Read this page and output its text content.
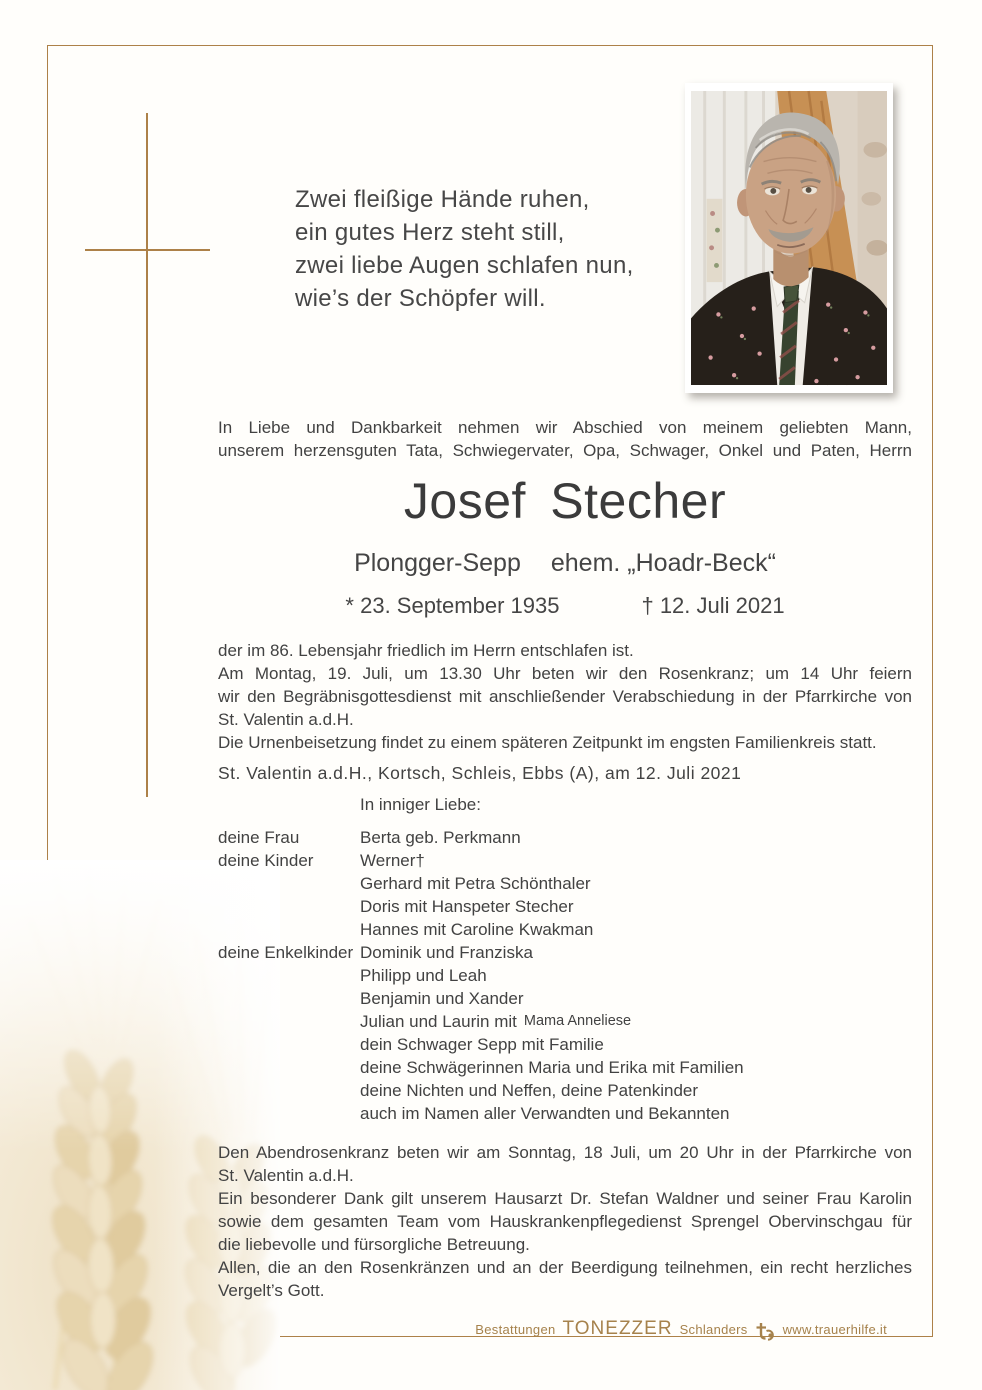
Zwei fleißige Hände ruhen,
ein gutes Herz steht still,
zwei liebe Augen schlafen nun,
wie’s der Schöpfer will.
In Liebe und Dankbarkeit nehmen wir Abschied von meinem geliebten Mann,
unserem herzensguten Tata, Schwiegervater, Opa, Schwager, Onkel und Paten, Herrn
Josef Stecher
Plongger-Sepp ehem. „Hoadr-Beck“
* 23. September 1935	† 12. Juli 2021
der im 86. Lebensjahr friedlich im Herrn entschlafen ist.
Am Montag, 19. Juli, um 13.30 Uhr beten wir den Rosenkranz; um 14 Uhr feiern
wir den Begräbnisgottesdienst mit anschließender Verabschiedung in der Pfarrkirche von
St. Valentin a.d.H.
Die Urnenbeisetzung findet zu einem späteren Zeitpunkt im engsten Familienkreis statt.
St. Valentin a.d.H., Kortsch, Schleis, Ebbs (A), am 12. Juli 2021
In inniger Liebe:
deine Frau	Berta geb. Perkmann
deine Kinder	Werner†
Gerhard mit Petra Schönthaler
Doris mit Hanspeter Stecher
Hannes mit Caroline Kwakman
deine Enkelkinder Dominik und Franziska
Philipp und Leah
Benjamin und Xander
Julian und Laurin mit Mama Anneliese
dein Schwager Sepp mit Familie
deine Schwägerinnen Maria und Erika mit Familien
deine Nichten und Neffen, deine Patenkinder
auch im Namen aller Verwandten und Bekannten
Den Abendrosenkranz beten wir am Sonntag, 18 Juli, um 20 Uhr in der Pfarrkirche von
St. Valentin a.d.H.
Ein besonderer Dank gilt unserem Hausarzt Dr. Stefan Waldner und seiner Frau Karolin
sowie dem gesamten Team vom Hauskrankenpflegedienst Sprengel Obervinschgau für
die liebevolle und fürsorgliche Betreuung.
Allen, die an den Rosenkränzen und an der Beerdigung teilnehmen, ein recht herzliches
Vergelt’s Gott.
Bestattungen TONEZZER Schlanders	www.trauerhilfe.it
